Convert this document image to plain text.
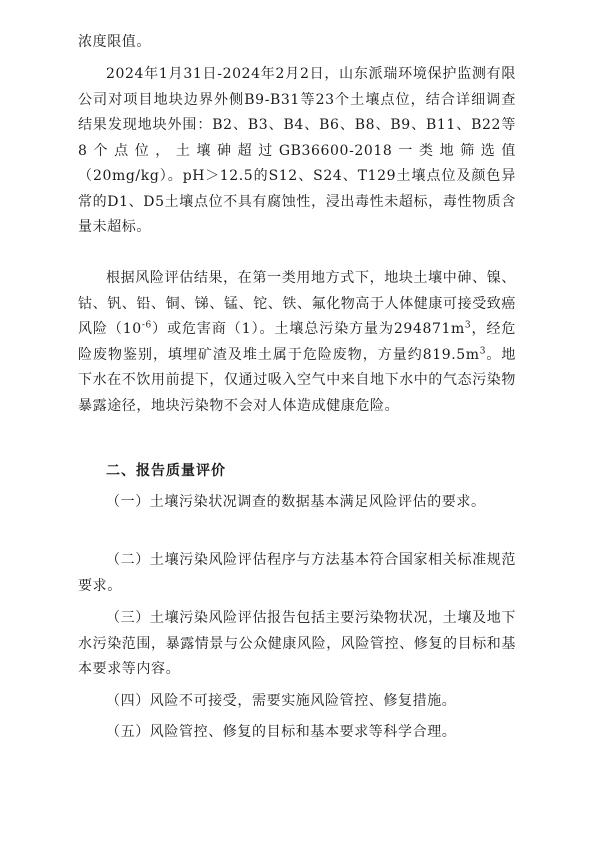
浓度限值。

2024年1月31日-2024年2月2日，山东派瑞环境保护监测有限公司对项目地块边界外侧B9-B31等23个土壤点位，结合详细调查结果发现地块外围：B2、B3、B4、B6、B8、B9、B11、B22等8个点位，土壤砷超过GB36600-2018一类地筛选值（20mg/kg）。pH＞12.5的S12、S24、T129土壤点位及颜色异常的D1、D5土壤点位不具有腐蚀性，浸出毒性未超标，毒性物质含量未超标。

根据风险评估结果，在第一类用地方式下，地块土壤中砷、镍、钴、钒、铅、铜、锑、锰、铊、铁、氟化物高于人体健康可接受致癌风险$(10^{-6})$或危害商（1）。土壤总污染方量为$294871m^3$，经危险废物鉴别，填埋矿渣及堆土属于危险废物，方量约$819.5m^3$。地下水在不饮用前提下，仅通过吸入空气中来自地下水中的气态污染物暴露途径，地块污染物不会对人体造成健康危险。

二、报告质量评价

（一）土壤污染状况调查的数据基本满足风险评估的要求。

（二）土壤污染风险评估程序与方法基本符合国家相关标准规范要求。

（三）土壤污染风险评估报告包括主要污染物状况，土壤及地下水污染范围，暴露情景与公众健康风险，风险管控、修复的目标和基本要求等内容。

（四）风险不可接受，需要实施风险管控、修复措施。

（五）风险管控、修复的目标和基本要求等科学合理。
